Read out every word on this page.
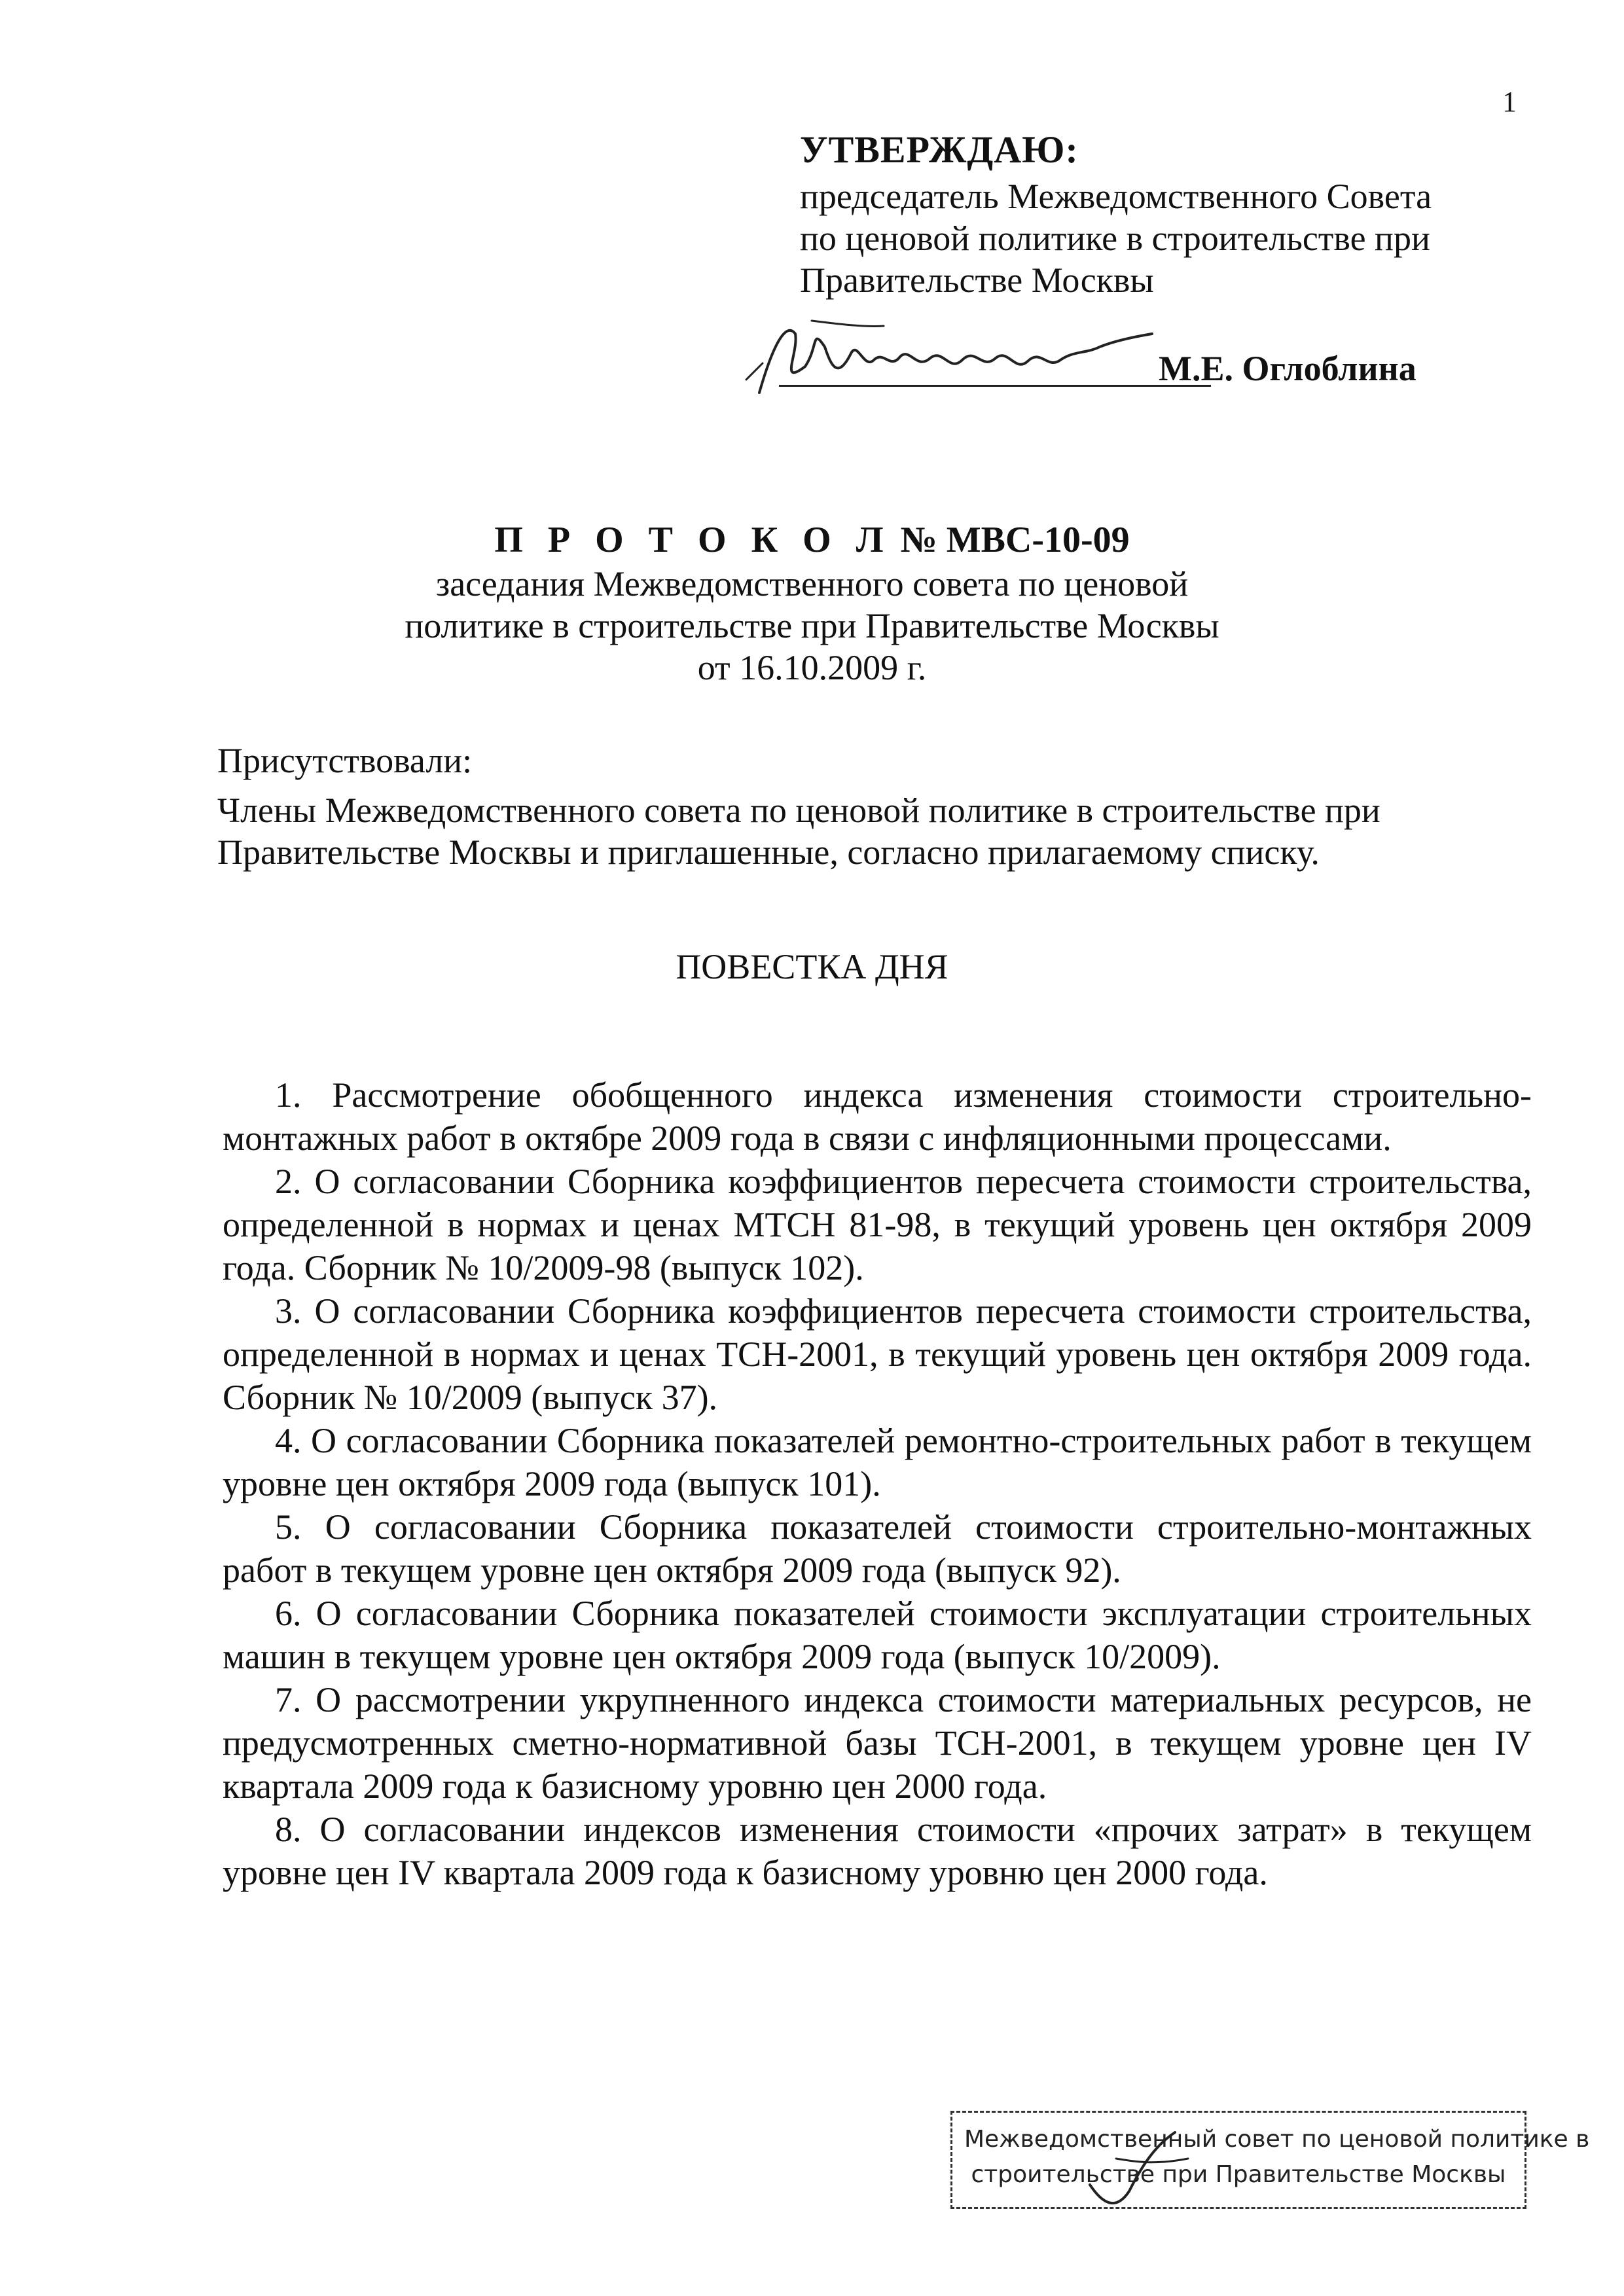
1
УТВЕРЖДАЮ:
председатель Межведомственного Совета
по ценовой политике в строительстве при
Правительстве Москвы
М.Е. Оглоблина
П Р О Т О К О Л № МВС-10-09
заседания Межведомственного совета по ценовой
политике в строительстве при Правительстве Москвы
от 16.10.2009 г.
Присутствовали:
Члены Межведомственного совета по ценовой политике в строительстве при Правительстве Москвы и приглашенные, согласно прилагаемому списку.
ПОВЕСТКА ДНЯ
1. Рассмотрение обобщенного индекса изменения стоимости строительно-монтажных работ в октябре 2009 года в связи с инфляционными процессами.
2. О согласовании Сборника коэффициентов пересчета стоимости строительства, определенной в нормах и ценах МТСН 81-98, в текущий уровень цен октября 2009 года. Сборник № 10/2009-98 (выпуск 102).
3. О согласовании Сборника коэффициентов пересчета стоимости строительства, определенной в нормах и ценах ТСН-2001, в текущий уровень цен октября 2009 года. Сборник № 10/2009 (выпуск 37).
4. О согласовании Сборника показателей ремонтно-строительных работ в текущем уровне цен октября 2009 года (выпуск 101).
5. О согласовании Сборника показателей стоимости строительно-монтажных работ в текущем уровне цен октября 2009 года (выпуск 92).
6. О согласовании Сборника показателей стоимости эксплуатации строительных машин в текущем уровне цен октября 2009 года (выпуск 10/2009).
7. О рассмотрении укрупненного индекса стоимости материальных ресурсов, не предусмотренных сметно-нормативной базы ТСН-2001, в текущем уровне цен IV квартала 2009 года к базисному уровню цен 2000 года.
8. О согласовании индексов изменения стоимости «прочих затрат» в текущем уровне цен IV квартала 2009 года к базисному уровню цен 2000 года.
Межведомственный совет по ценовой политике в
строительстве при Правительстве Москвы
